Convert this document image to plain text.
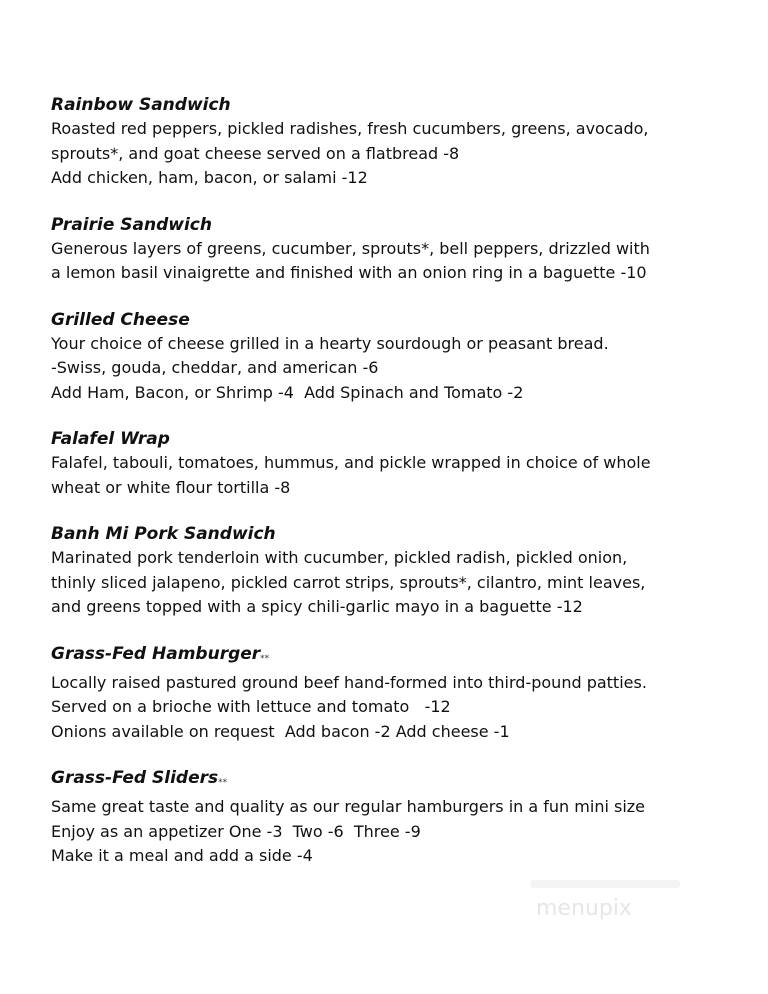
Rainbow Sandwich
Roasted red peppers, pickled radishes, fresh cucumbers, greens, avocado,
sprouts*, and goat cheese served on a flatbread -8
Add chicken, ham, bacon, or salami -12
Prairie Sandwich
Generous layers of greens, cucumber, sprouts*, bell peppers, drizzled with
a lemon basil vinaigrette and finished with an onion ring in a baguette -10
Grilled Cheese
Your choice of cheese grilled in a hearty sourdough or peasant bread.
-Swiss, gouda, cheddar, and american -6
Add Ham, Bacon, or Shrimp -4  Add Spinach and Tomato -2
Falafel Wrap
Falafel, tabouli, tomatoes, hummus, and pickle wrapped in choice of whole
wheat or white flour tortilla -8
Banh Mi Pork Sandwich
Marinated pork tenderloin with cucumber, pickled radish, pickled onion,
thinly sliced jalapeno, pickled carrot strips, sprouts*, cilantro, mint leaves,
and greens topped with a spicy chili-garlic mayo in a baguette -12
Grass-Fed Hamburger**
Locally raised pastured ground beef hand-formed into third-pound patties.
Served on a brioche with lettuce and tomato   -12
Onions available on request  Add bacon -2 Add cheese -1
Grass-Fed Sliders**
Same great taste and quality as our regular hamburgers in a fun mini size
Enjoy as an appetizer One -3  Two -6  Three -9
Make it a meal and add a side -4
menupix
